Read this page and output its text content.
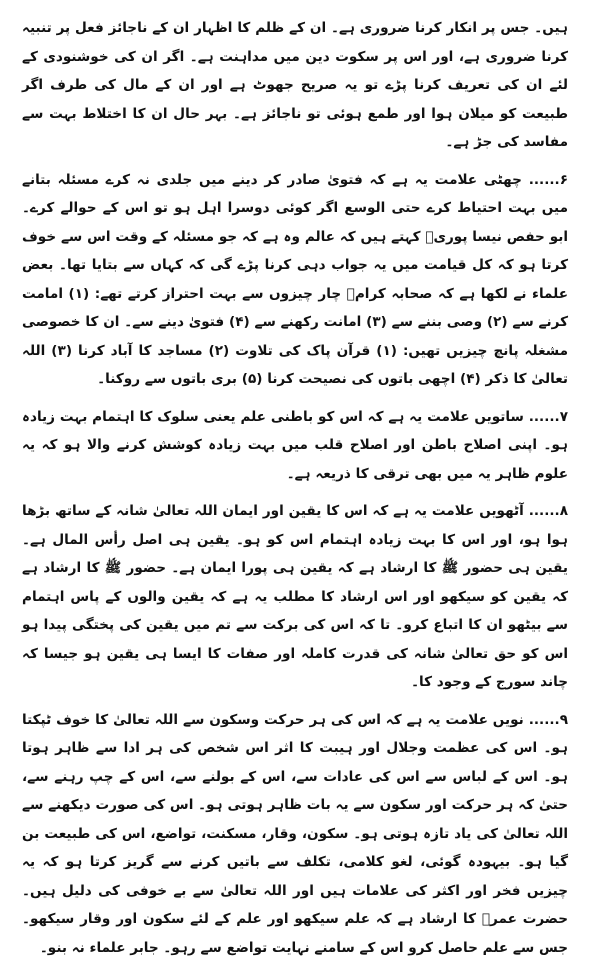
ہیں۔ جس پر انکار کرنا ضروری ہے۔ ان کے ظلم کا اظہار ان کے ناجائز فعل پر تنبیہ کرنا ضروری ہے، اور اس پر سکوت دین میں مداہنت ہے۔ اگر ان کی خوشنودی کے لئے ان کی تعریف کرنا پڑے تو یہ صریح جھوٹ ہے اور ان کے مال کی طرف اگر طبیعت کو میلان ہوا اور طمع ہوئی تو ناجائز ہے۔ بہر حال ان کا اختلاط بہت سے مفاسد کی جڑ ہے۔

۶...... چھٹی علامت یہ ہے کہ فتویٰ صادر کر دینے میں جلدی نہ کرے مسئلہ بتانے میں بہت احتیاط کرے حتی الوسع اگر کوئی دوسرا اہل ہو تو اس کے حوالے کرے۔ ابو حفص نیسا پوریؒ کہتے ہیں کہ عالم وہ ہے کہ جو مسئلہ کے وقت اس سے خوف کرتا ہو کہ کل قیامت میں یہ جواب دہی کرنا پڑے گی کہ کہاں سے بتایا تھا۔ بعض علماء نے لکھا ہے کہ صحابہ کرامؓ چار چیزوں سے بہت احتراز کرتے تھے: (۱) امامت کرنے سے (۲) وصی بننے سے (۳) امانت رکھنے سے (۴) فتویٰ دینے سے۔ ان کا خصوصی مشغلہ پانچ چیزیں تھیں: (۱) قرآن پاک کی تلاوت (۲) مساجد کا آباد کرنا (۳) اللہ تعالیٰ کا ذکر (۴) اچھی باتوں کی نصیحت کرنا (۵) بری باتوں سے روکنا۔

۷...... ساتویں علامت یہ ہے کہ اس کو باطنی علم یعنی سلوک کا اہتمام بہت زیادہ ہو۔ اپنی اصلاح باطن اور اصلاح قلب میں بہت زیادہ کوشش کرنے والا ہو کہ یہ علوم ظاہر یہ میں بھی ترقی کا ذریعہ ہے۔

۸...... آٹھویں علامت یہ ہے کہ اس کا یقین اور ایمان اللہ تعالیٰ شانہ کے ساتھ بڑھا ہوا ہو، اور اس کا بہت زیادہ اہتمام اس کو ہو۔ یقین ہی اصل رأس المال ہے۔ یقین ہی حضور ﷺ کا ارشاد ہے کہ یقین ہی پورا ایمان ہے۔ حضور ﷺ کا ارشاد ہے کہ یقین کو سیکھو اور اس ارشاد کا مطلب یہ ہے کہ یقین والوں کے پاس اہتمام سے بیٹھو ان کا اتباع کرو۔ تا کہ اس کی برکت سے تم میں یقین کی پختگی پیدا ہو اس کو حق تعالیٰ شانہ کی قدرت کاملہ اور صفات کا ایسا ہی یقین ہو جیسا کہ چاند سورج کے وجود کا۔

۹...... نویں علامت یہ ہے کہ اس کی ہر حرکت وسکون سے اللہ تعالیٰ کا خوف ٹپکتا ہو۔ اس کی عظمت وجلال اور ہیبت کا اثر اس شخص کی ہر ادا سے ظاہر ہوتا ہو۔ اس کے لباس سے اس کی عادات سے، اس کے بولنے سے، اس کے چپ رہنے سے، حتیٰ کہ ہر حرکت اور سکون سے یہ بات ظاہر ہوتی ہو۔ اس کی صورت دیکھنے سے اللہ تعالیٰ کی یاد تازہ ہوتی ہو۔ سکون، وقار، مسکنت، تواضع، اس کی طبیعت بن گیا ہو۔ بیہودہ گوئی، لغو کلامی، تکلف سے باتیں کرنے سے گریز کرتا ہو کہ یہ چیزیں فخر اور اکثر کی علامات ہیں اور اللہ تعالیٰ سے بے خوفی کی دلیل ہیں۔ حضرت عمرؓ کا ارشاد ہے کہ علم سیکھو اور علم کے لئے سکون اور وقار سیکھو۔ جس سے علم حاصل کرو اس کے سامنے نہایت تواضع سے رہو۔ جابر علماء نہ بنو۔
